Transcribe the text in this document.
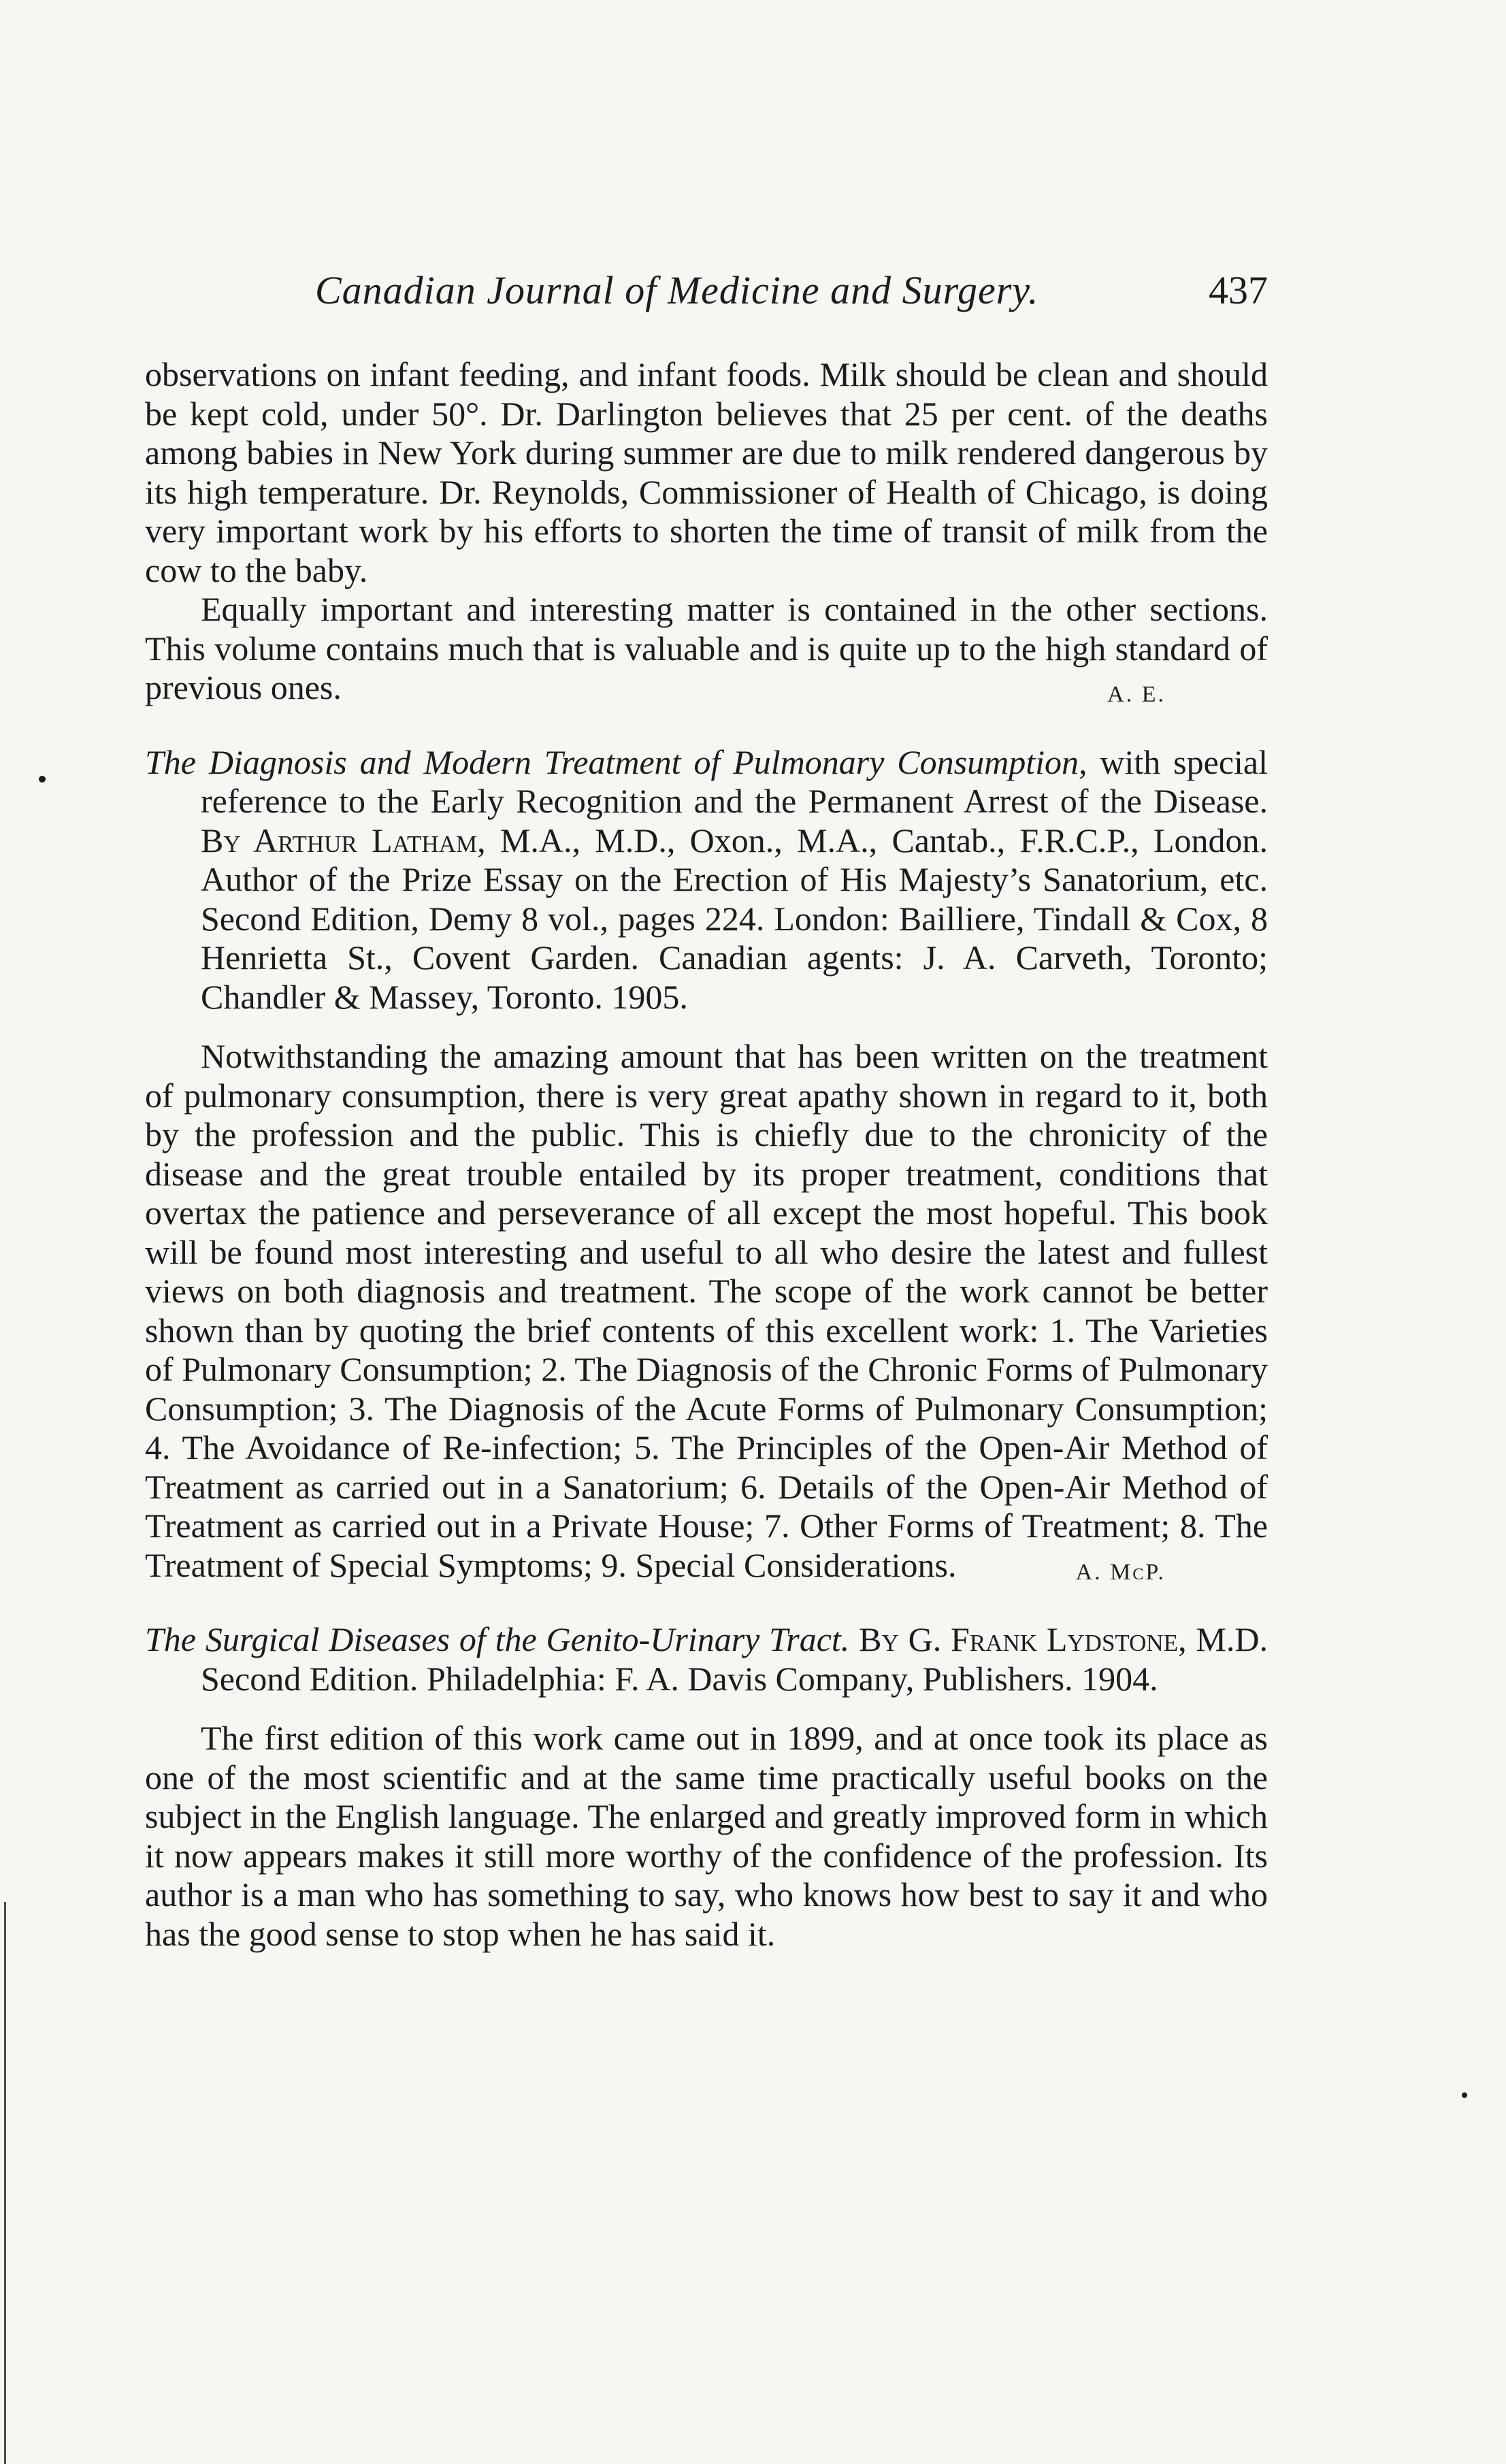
Canadian Journal of Medicine and Surgery.	437

observations on infant feeding, and infant foods. Milk should be clean and should be kept cold, under 50°. Dr. Darlington believes that 25 per cent. of the deaths among babies in New York during summer are due to milk rendered dangerous by its high temperature. Dr. Reynolds, Commissioner of Health of Chicago, is doing very important work by his efforts to shorten the time of transit of milk from the cow to the baby.

Equally important and interesting matter is contained in the other sections. This volume contains much that is valuable and is quite up to the high standard of previous ones.	A. E.

The Diagnosis and Modern Treatment of Pulmonary Consumption, with special reference to the Early Recognition and the Permanent Arrest of the Disease. By Arthur Latham, M.A., M.D., Oxon., M.A., Cantab., F.R.C.P., London. Author of the Prize Essay on the Erection of His Majesty’s Sanatorium, etc. Second Edition, Demy 8 vol., pages 224. London: Bailliere, Tindall & Cox, 8 Henrietta St., Covent Garden. Canadian agents: J. A. Carveth, Toronto; Chandler & Massey, Toronto. 1905.

Notwithstanding the amazing amount that has been written on the treatment of pulmonary consumption, there is very great apathy shown in regard to it, both by the profession and the public. This is chiefly due to the chronicity of the disease and the great trouble entailed by its proper treatment, conditions that overtax the patience and perseverance of all except the most hopeful. This book will be found most interesting and useful to all who desire the latest and fullest views on both diagnosis and treatment. The scope of the work cannot be better shown than by quoting the brief contents of this excellent work: 1. The Varieties of Pulmonary Consumption; 2. The Diagnosis of the Chronic Forms of Pulmonary Consumption; 3. The Diagnosis of the Acute Forms of Pulmonary Consumption; 4. The Avoidance of Re-infection; 5. The Principles of the Open-Air Method of Treatment as carried out in a Sanatorium; 6. Details of the Open-Air Method of Treatment as carried out in a Private House; 7. Other Forms of Treatment; 8. The Treatment of Special Symptoms; 9. Special Considerations.	A. McP.

The Surgical Diseases of the Genito-Urinary Tract. By G. Frank Lydstone, M.D. Second Edition. Philadelphia: F. A. Davis Company, Publishers. 1904.

The first edition of this work came out in 1899, and at once took its place as one of the most scientific and at the same time practically useful books on the subject in the English language. The enlarged and greatly improved form in which it now appears makes it still more worthy of the confidence of the profession. Its author is a man who has something to say, who knows how best to say it and who has the good sense to stop when he has said it.
